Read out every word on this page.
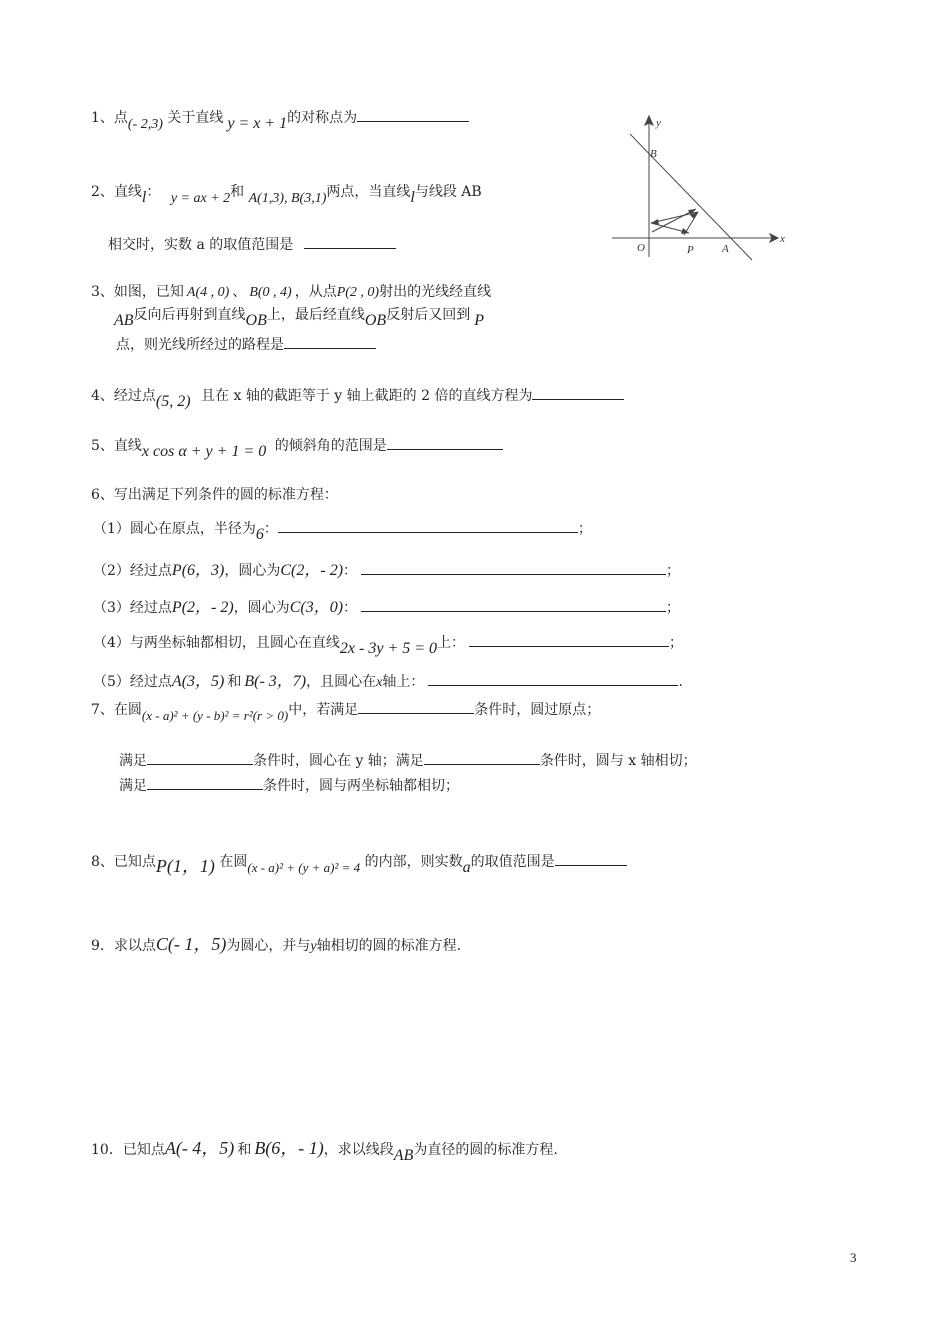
1、点(- 2,3) 关于直线 y = x + 1的对称点为
2、直线l： y = ax + 2和 A(1,3), B(3,1)两点，当直线l与线段 AB
相交时，实数 a 的取值范围是
y
B
O	P	A
x
3、如图，已知 A(4 , 0) 、 B(0 , 4) ，从点P(2 , 0)射出的光线经直线
AB反向后再射到直线OB上，最后经直线OB反射后又回到 P
点，则光线所经过的路程是
4、经过点(5, 2) 且在 x 轴的截距等于 y 轴上截距的 2 倍的直线方程为
5、直线x cos α + y + 1 = 0 的倾斜角的范围是
6、写出满足下列条件的圆的标准方程：
（1）圆心在原点，半径为6：	；
（2）经过点P(6，3)，圆心为C(2，- 2)：	；
（3）经过点P(2，- 2)，圆心为C(3，0)：	；
（4）与两坐标轴都相切，且圆心在直线2x - 3y + 5 = 0上：	；
（5）经过点A(3，5) 和 B(- 3，7)，且圆心在x轴上：	.
7、在圆(x - a)² + (y - b)² = r²(r > 0)中，若满足	条件时，圆过原点；
满足	条件时，圆心在 y 轴；满足	条件时，圆与 x 轴相切；
满足	条件时，圆与两坐标轴都相切；
8、已知点P(1，1) 在圆(x - a)² + (y + a)² = 4 的内部，则实数a的取值范围是
9．求以点C(- 1，5)为圆心，并与y轴相切的圆的标准方程.
10．已知点A(- 4，5) 和 B(6，- 1)，求以线段AB为直径的圆的标准方程.
3
